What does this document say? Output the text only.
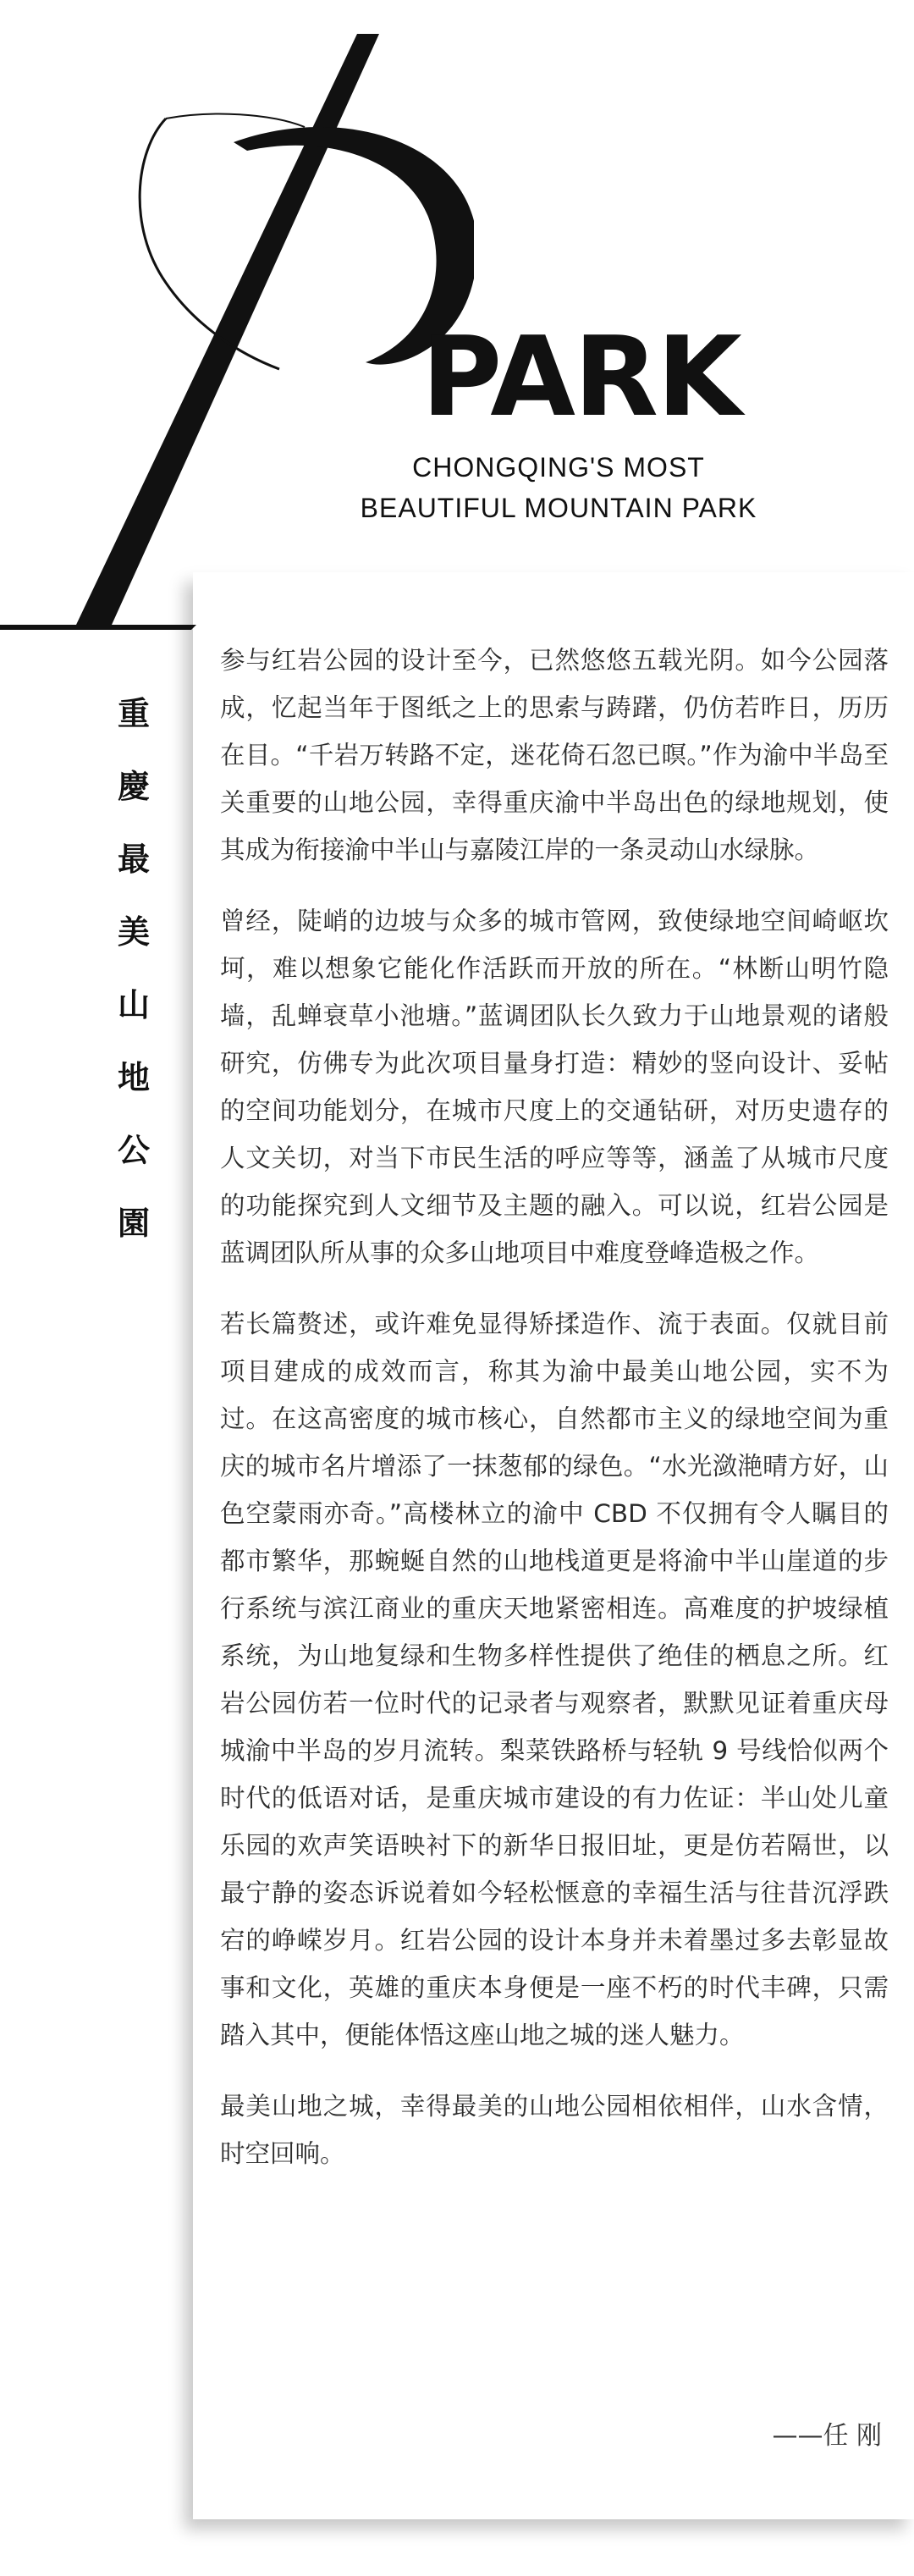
PARK
CHONGQING'S MOST
BEAUTIFUL MOUNTAIN PARK
重
慶
最
美
山
地
公
園

参与红岩公园的设计至今，已然悠悠五载光阴。如今公园落成，忆起当年于图纸之上的思索与踌躇，仍仿若昨日，历历在目。“千岩万转路不定，迷花倚石忽已暝。”作为渝中半岛至关重要的山地公园，幸得重庆渝中半岛出色的绿地规划，使其成为衔接渝中半山与嘉陵江岸的一条灵动山水绿脉。

曾经，陡峭的边坡与众多的城市管网，致使绿地空间崎岖坎坷，难以想象它能化作活跃而开放的所在。“林断山明竹隐墙，乱蝉衰草小池塘。”蓝调团队长久致力于山地景观的诸般研究，仿佛专为此次项目量身打造：精妙的竖向设计、妥帖的空间功能划分，在城市尺度上的交通钻研，对历史遗存的人文关切，对当下市民生活的呼应等等，涵盖了从城市尺度的功能探究到人文细节及主题的融入。可以说，红岩公园是蓝调团队所从事的众多山地项目中难度登峰造极之作。

若长篇赘述，或许难免显得矫揉造作、流于表面。仅就目前项目建成的成效而言，称其为渝中最美山地公园，实不为过。在这高密度的城市核心，自然都市主义的绿地空间为重庆的城市名片增添了一抹葱郁的绿色。“水光潋滟晴方好，山色空蒙雨亦奇。”高楼林立的渝中 CBD 不仅拥有令人瞩目的都市繁华，那蜿蜒自然的山地栈道更是将渝中半山崖道的步行系统与滨江商业的重庆天地紧密相连。高难度的护坡绿植系统，为山地复绿和生物多样性提供了绝佳的栖息之所。红岩公园仿若一位时代的记录者与观察者，默默见证着重庆母城渝中半岛的岁月流转。梨菜铁路桥与轻轨 9 号线恰似两个时代的低语对话，是重庆城市建设的有力佐证：半山处儿童乐园的欢声笑语映衬下的新华日报旧址，更是仿若隔世，以最宁静的姿态诉说着如今轻松惬意的幸福生活与往昔沉浮跌宕的峥嵘岁月。红岩公园的设计本身并未着墨过多去彰显故事和文化，英雄的重庆本身便是一座不朽的时代丰碑，只需踏入其中，便能体悟这座山地之城的迷人魅力。

最美山地之城，幸得最美的山地公园相依相伴，山水含情，时空回响。

——任 刚
